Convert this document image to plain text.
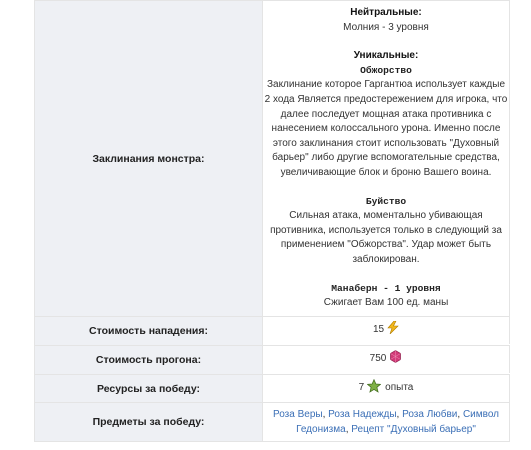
Заклинания монстра:
Нейтральные:
Молния - 3 уровня
Уникальные:
Обжорство
Заклинание которое Гаргантюа использует каждые
2 хода Является предостережением для игрока, что
далее последует мощная атака противника с
нанесением колоссального урона. Именно после
этого заклинания стоит использовать "Духовный
барьер" либо другие вспомогательные средства,
увеличивающие блок и броню Вашего воина.
Буйство
Сильная атака, моментально убивающая
противника, используется только в следующий за
применением "Обжорства". Удар может быть
заблокирован.
Манаберн - 1 уровня
Сжигает Вам 100 ед. маны
Стоимость нападения:	15
Стоимость прогона:	750
Ресурсы за победу:	7 опыта
Предметы за победу:
Роза Веры, Роза Надежды, Роза Любви, Символ Гедонизма, Рецепт "Духовный барьер"
